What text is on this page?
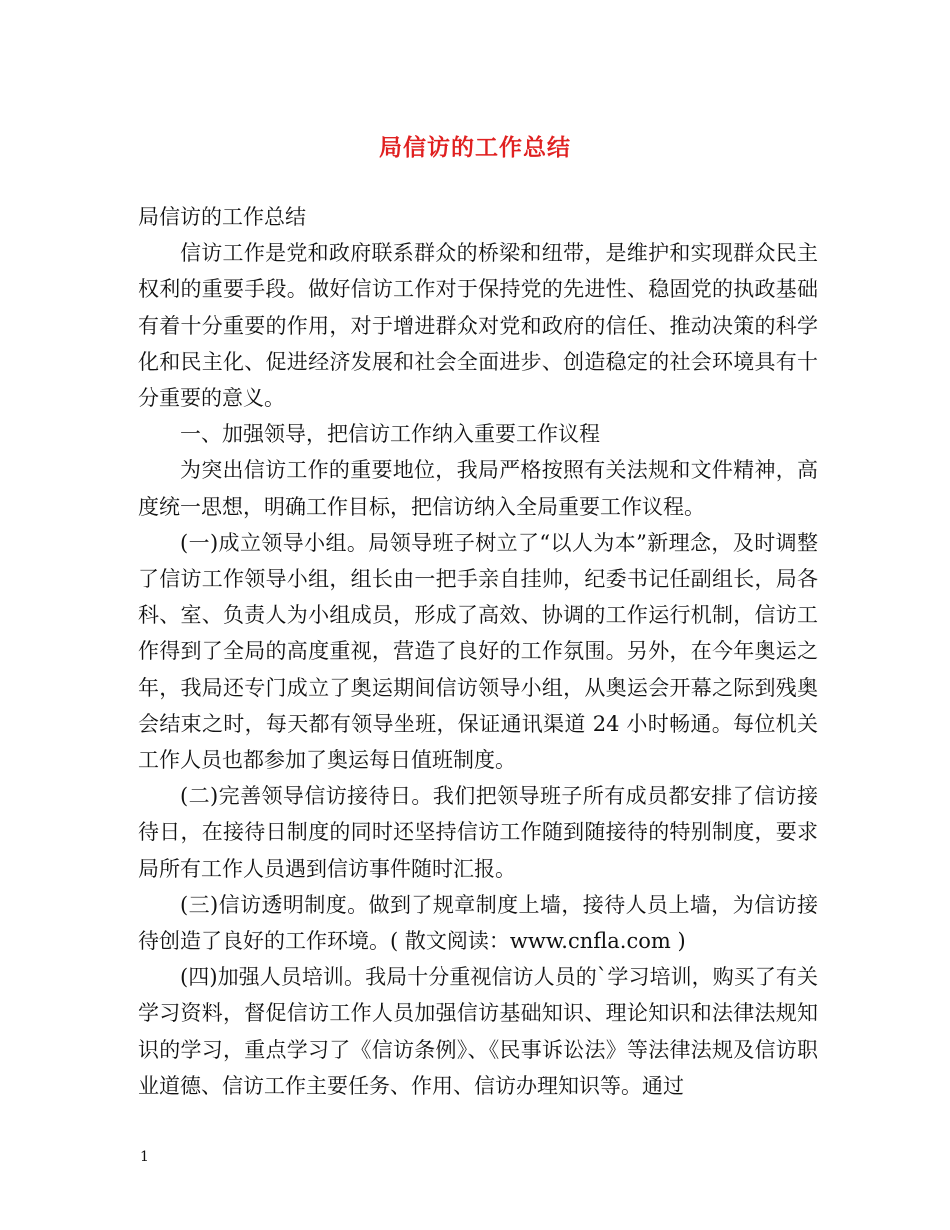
局信访的工作总结

局信访的工作总结

信访工作是党和政府联系群众的桥梁和纽带，是维护和实现群众民主权利的重要手段。做好信访工作对于保持党的先进性、稳固党的执政基础有着十分重要的作用，对于增进群众对党和政府的信任、推动决策的科学化和民主化、促进经济发展和社会全面进步、创造稳定的社会环境具有十分重要的意义。

一、加强领导，把信访工作纳入重要工作议程

为突出信访工作的重要地位，我局严格按照有关法规和文件精神，高度统一思想，明确工作目标，把信访纳入全局重要工作议程。

(一)成立领导小组。局领导班子树立了“以人为本”新理念，及时调整了信访工作领导小组，组长由一把手亲自挂帅，纪委书记任副组长，局各科、室、负责人为小组成员，形成了高效、协调的工作运行机制，信访工作得到了全局的高度重视，营造了良好的工作氛围。另外，在今年奥运之年，我局还专门成立了奥运期间信访领导小组，从奥运会开幕之际到残奥会结束之时，每天都有领导坐班，保证通讯渠道 24 小时畅通。每位机关工作人员也都参加了奥运每日值班制度。

(二)完善领导信访接待日。我们把领导班子所有成员都安排了信访接待日，在接待日制度的同时还坚持信访工作随到随接待的特别制度，要求局所有工作人员遇到信访事件随时汇报。

(三)信访透明制度。做到了规章制度上墙，接待人员上墙，为信访接待创造了良好的工作环境。( 散文阅读：www.cnfla.com )

(四)加强人员培训。我局十分重视信访人员的`学习培训，购买了有关学习资料，督促信访工作人员加强信访基础知识、理论知识和法律法规知识的学习，重点学习了《信访条例》、《民事诉讼法》等法律法规及信访职业道德、信访工作主要任务、作用、信访办理知识等。通过

1
